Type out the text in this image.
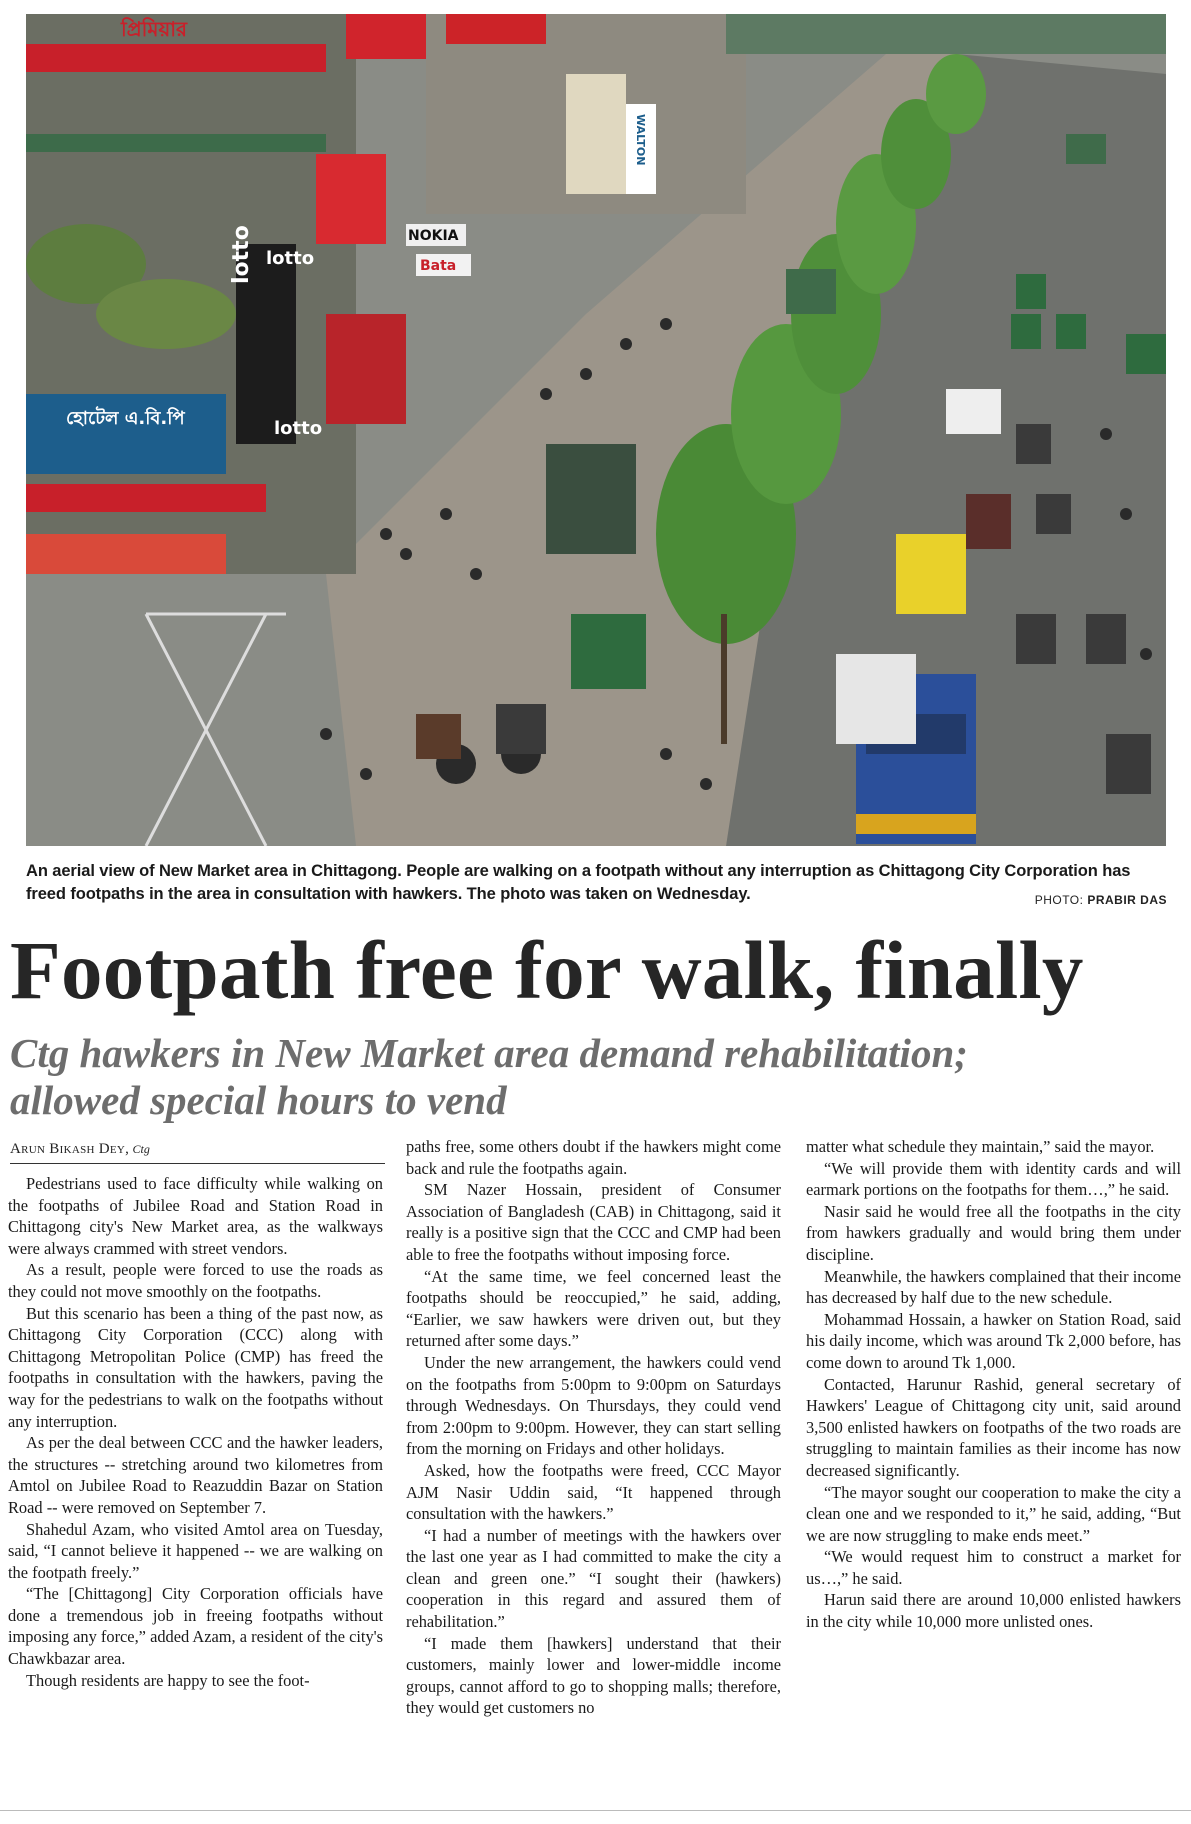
প্রিমিয়ার
lotto lotto
lotto
NOKIA
Bata
WALTON
হোটেল এ.বি.পি
An aerial view of New Market area in Chittagong. People are walking on a footpath without any interruption as Chittagong City Corporation has freed footpaths in the area in consultation with hawkers. The photo was taken on Wednesday.	PHOTO: PRABIR DAS
Footpath free for walk, finally
Ctg hawkers in New Market area demand rehabilitation; allowed special hours to vend
Arun Bikash Dey, Ctg

Pedestrians used to face difficulty while walking on the footpaths of Jubilee Road and Station Road in Chittagong city's New Market area, as the walkways were always crammed with street vendors.

As a result, people were forced to use the roads as they could not move smoothly on the footpaths.

But this scenario has been a thing of the past now, as Chittagong City Corporation (CCC) along with Chittagong Metropolitan Police (CMP) has freed the footpaths in consultation with the hawkers, paving the way for the pedestrians to walk on the footpaths without any interruption.

As per the deal between CCC and the hawker leaders, the structures -- stretching around two kilometres from Amtol on Jubilee Road to Reazuddin Bazar on Station Road -- were removed on September 7.

Shahedul Azam, who visited Amtol area on Tuesday, said, “I cannot believe it happened -- we are walking on the footpath freely.”

“The [Chittagong] City Corporation officials have done a tremendous job in freeing footpaths without imposing any force,” added Azam, a resident of the city's Chawkbazar area.

Though residents are happy to see the foot-

paths free, some others doubt if the hawkers might come back and rule the footpaths again.

SM Nazer Hossain, president of Consumer Association of Bangladesh (CAB) in Chittagong, said it really is a positive sign that the CCC and CMP had been able to free the footpaths without imposing force.

“At the same time, we feel concerned least the footpaths should be reoccupied,” he said, adding, “Earlier, we saw hawkers were driven out, but they returned after some days.”

Under the new arrangement, the hawkers could vend on the footpaths from 5:00pm to 9:00pm on Saturdays through Wednesdays. On Thursdays, they could vend from 2:00pm to 9:00pm. However, they can start selling from the morning on Fridays and other holidays.

Asked, how the footpaths were freed, CCC Mayor AJM Nasir Uddin said, “It happened through consultation with the hawkers.”

“I had a number of meetings with the hawkers over the last one year as I had committed to make the city a clean and green one.” “I sought their (hawkers) cooperation in this regard and assured them of rehabilitation.”

“I made them [hawkers] understand that their customers, mainly lower and lower-middle income groups, cannot afford to go to shopping malls; therefore, they would get customers no

matter what schedule they maintain,” said the mayor.

“We will provide them with identity cards and will earmark portions on the footpaths for them…,” he said.

Nasir said he would free all the footpaths in the city from hawkers gradually and would bring them under discipline.

Meanwhile, the hawkers complained that their income has decreased by half due to the new schedule.

Mohammad Hossain, a hawker on Station Road, said his daily income, which was around Tk 2,000 before, has come down to around Tk 1,000.

Contacted, Harunur Rashid, general secretary of Hawkers' League of Chittagong city unit, said around 3,500 enlisted hawkers on footpaths of the two roads are struggling to maintain families as their income has now decreased significantly.

“The mayor sought our cooperation to make the city a clean one and we responded to it,” he said, adding, “But we are now struggling to make ends meet.”

“We would request him to construct a market for us…,” he said.

Harun said there are around 10,000 enlisted hawkers in the city while 10,000 more unlisted ones.
